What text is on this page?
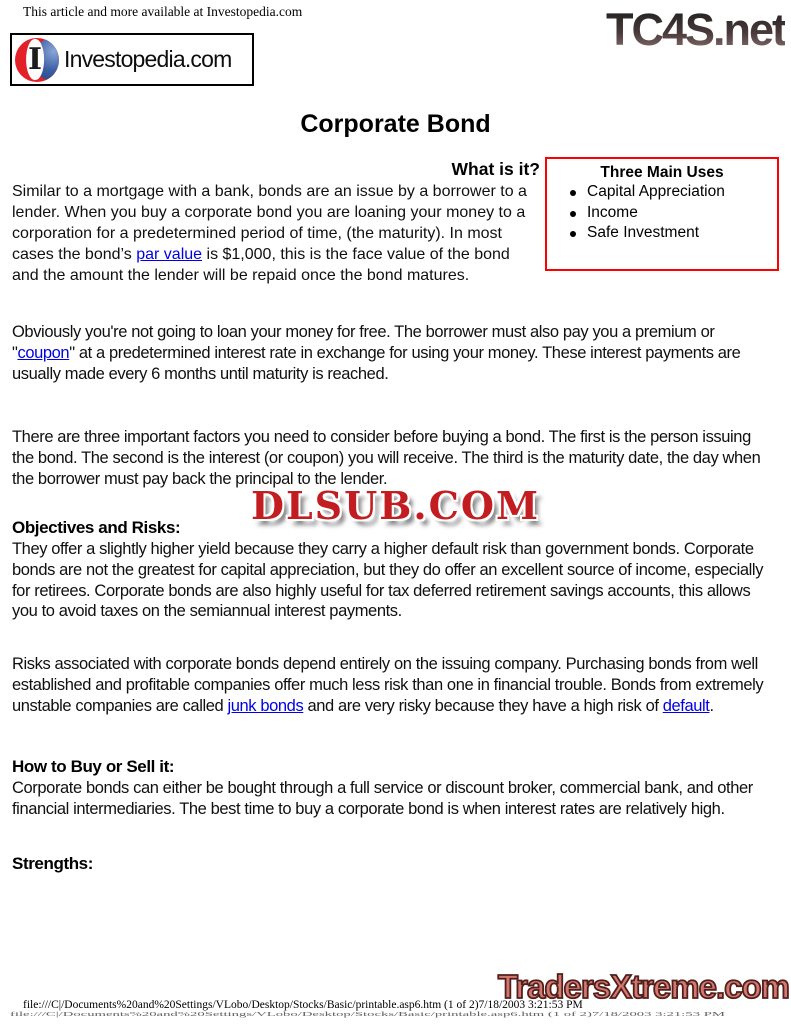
This article and more available at Investopedia.com	TC4S.net
I Investopedia.com
Corporate Bond
What is it?	Three Main Uses
Capital Appreciation
Income
Safe Investment

Similar to a mortgage with a bank, bonds are an issue by a borrower to a lender. When you buy a corporate bond you are loaning your money to a corporation for a predetermined period of time, (the maturity). In most cases the bond’s par value is $1,000, this is the face value of the bond and the amount the lender will be repaid once the bond matures.

Obviously you're not going to loan your money for free. The borrower must also pay you a premium or "coupon" at a predetermined interest rate in exchange for using your money. These interest payments are usually made every 6 months until maturity is reached.

There are three important factors you need to consider before buying a bond. The first is the person issuing the bond. The second is the interest (or coupon) you will receive. The third is the maturity date, the day when the borrower must pay back the principal to the lender.

DLSUB.COM
Objectives and Risks:

They offer a slightly higher yield because they carry a higher default risk than government bonds. Corporate bonds are not the greatest for capital appreciation, but they do offer an excellent source of income, especially for retirees. Corporate bonds are also highly useful for tax deferred retirement savings accounts, this allows you to avoid taxes on the semiannual interest payments.

Risks associated with corporate bonds depend entirely on the issuing company. Purchasing bonds from well established and profitable companies offer much less risk than one in financial trouble. Bonds from extremely unstable companies are called junk bonds and are very risky because they have a high risk of default.

How to Buy or Sell it:

Corporate bonds can either be bought through a full service or discount broker, commercial bank, and other financial intermediaries. The best time to buy a corporate bond is when interest rates are relatively high.

Strengths:
TradersXtreme.com
file:///C|/Documents%20and%20Settings/VLobo/Desktop/Stocks/Basic/printable.asp6.htm (1 of 2)7/18/2003 3:21:53 PM
file:///C|/Documents%20and%20Settings/VLobo/Desktop/Stocks/Basic/printable.asp6.htm (1 of 2)7/18/2003 3:21:53 PM
